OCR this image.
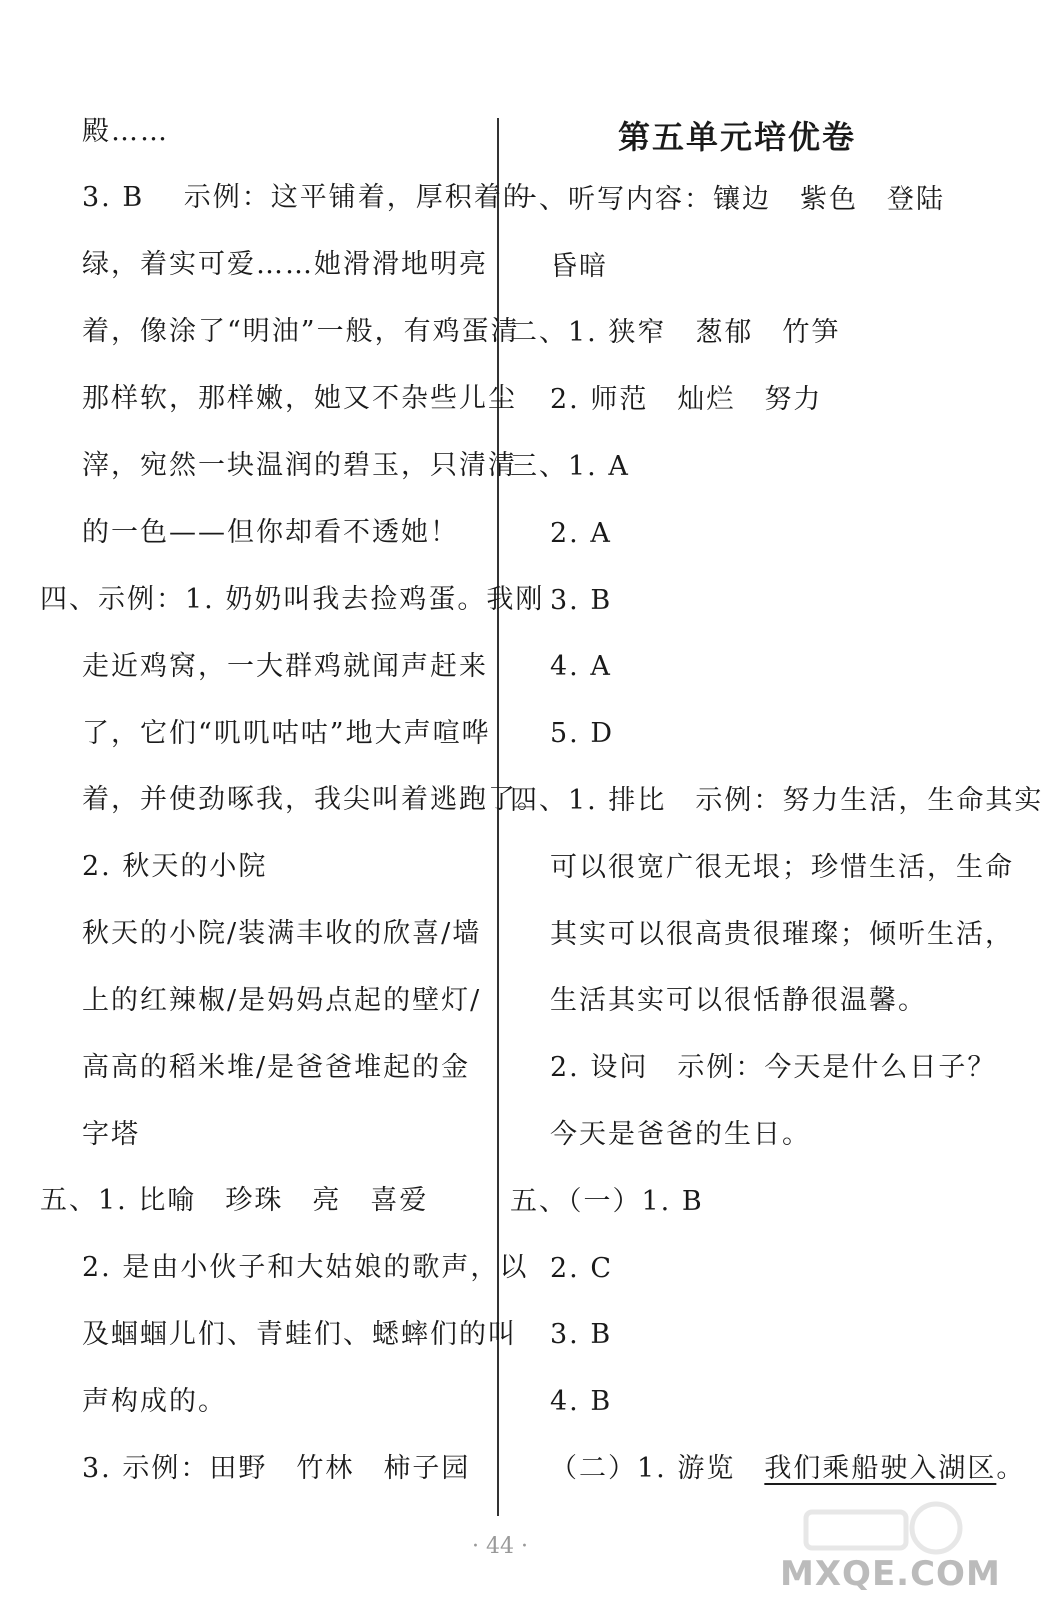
殿……
3. B　 示例：这平铺着，厚积着的
绿，着实可爱……她滑滑地明亮
着，像涂了“明油”一般，有鸡蛋清
那样软，那样嫩，她又不杂些儿尘
滓，宛然一块温润的碧玉，只清清
的一色——但你却看不透她！
四、示例：1. 奶奶叫我去捡鸡蛋。我刚
走近鸡窝，一大群鸡就闻声赶来
了，它们“叽叽咕咕”地大声喧哗
着，并使劲啄我，我尖叫着逃跑了。
2. 秋天的小院
秋天的小院/装满丰收的欣喜/墙
上的红辣椒/是妈妈点起的壁灯/
高高的稻米堆/是爸爸堆起的金
字塔
五、1. 比喻　珍珠　亮　喜爱
2. 是由小伙子和大姑娘的歌声，以
及蝈蝈儿们、青蛙们、蟋蟀们的叫
声构成的。
3. 示例：田野　竹林　柿子园
第五单元培优卷
一、听写内容：镶边　紫色　登陆
昏暗
二、1. 狭窄　葱郁　竹笋
2. 师范　灿烂　努力
三、1. A
2. A
3. B
4. A
5. D
四、1. 排比　示例：努力生活，生命其实
可以很宽广很无垠；珍惜生活，生命
其实可以很高贵很璀璨；倾听生活，
生活其实可以很恬静很温馨。
2. 设问　示例：今天是什么日子？
今天是爸爸的生日。
五、（一）1. B
2. C
3. B
4. B
（二）1. 游览　我们乘船驶入湖区。
· 44 ·
MXQE.COM
